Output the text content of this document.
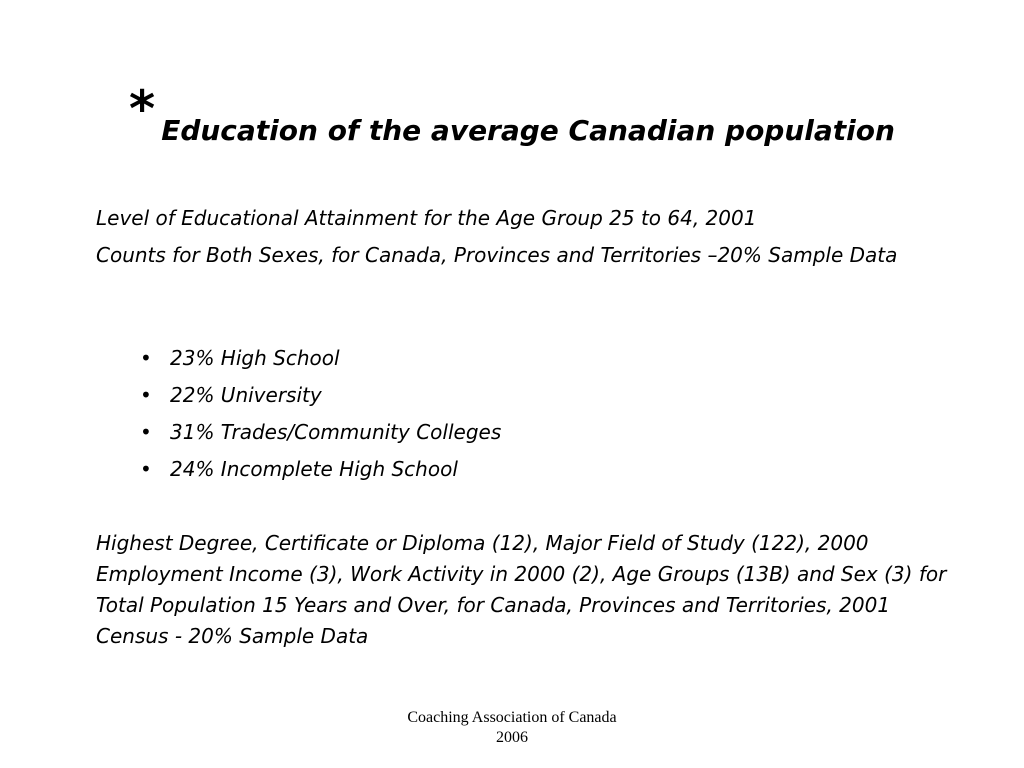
* Education of the average Canadian population
Level of Educational Attainment for the Age Group 25 to 64, 2001
Counts for Both Sexes, for Canada, Provinces and Territories –20% Sample Data
• 23% High School
• 22% University
• 31% Trades/Community Colleges
• 24% Incomplete High School
Highest Degree, Certificate or Diploma (12), Major Field of Study (122), 2000 Employment Income (3), Work Activity in 2000 (2), Age Groups (13B) and Sex (3) for Total Population 15 Years and Over, for Canada, Provinces and Territories, 2001 Census - 20% Sample Data
Coaching Association of Canada
2006
